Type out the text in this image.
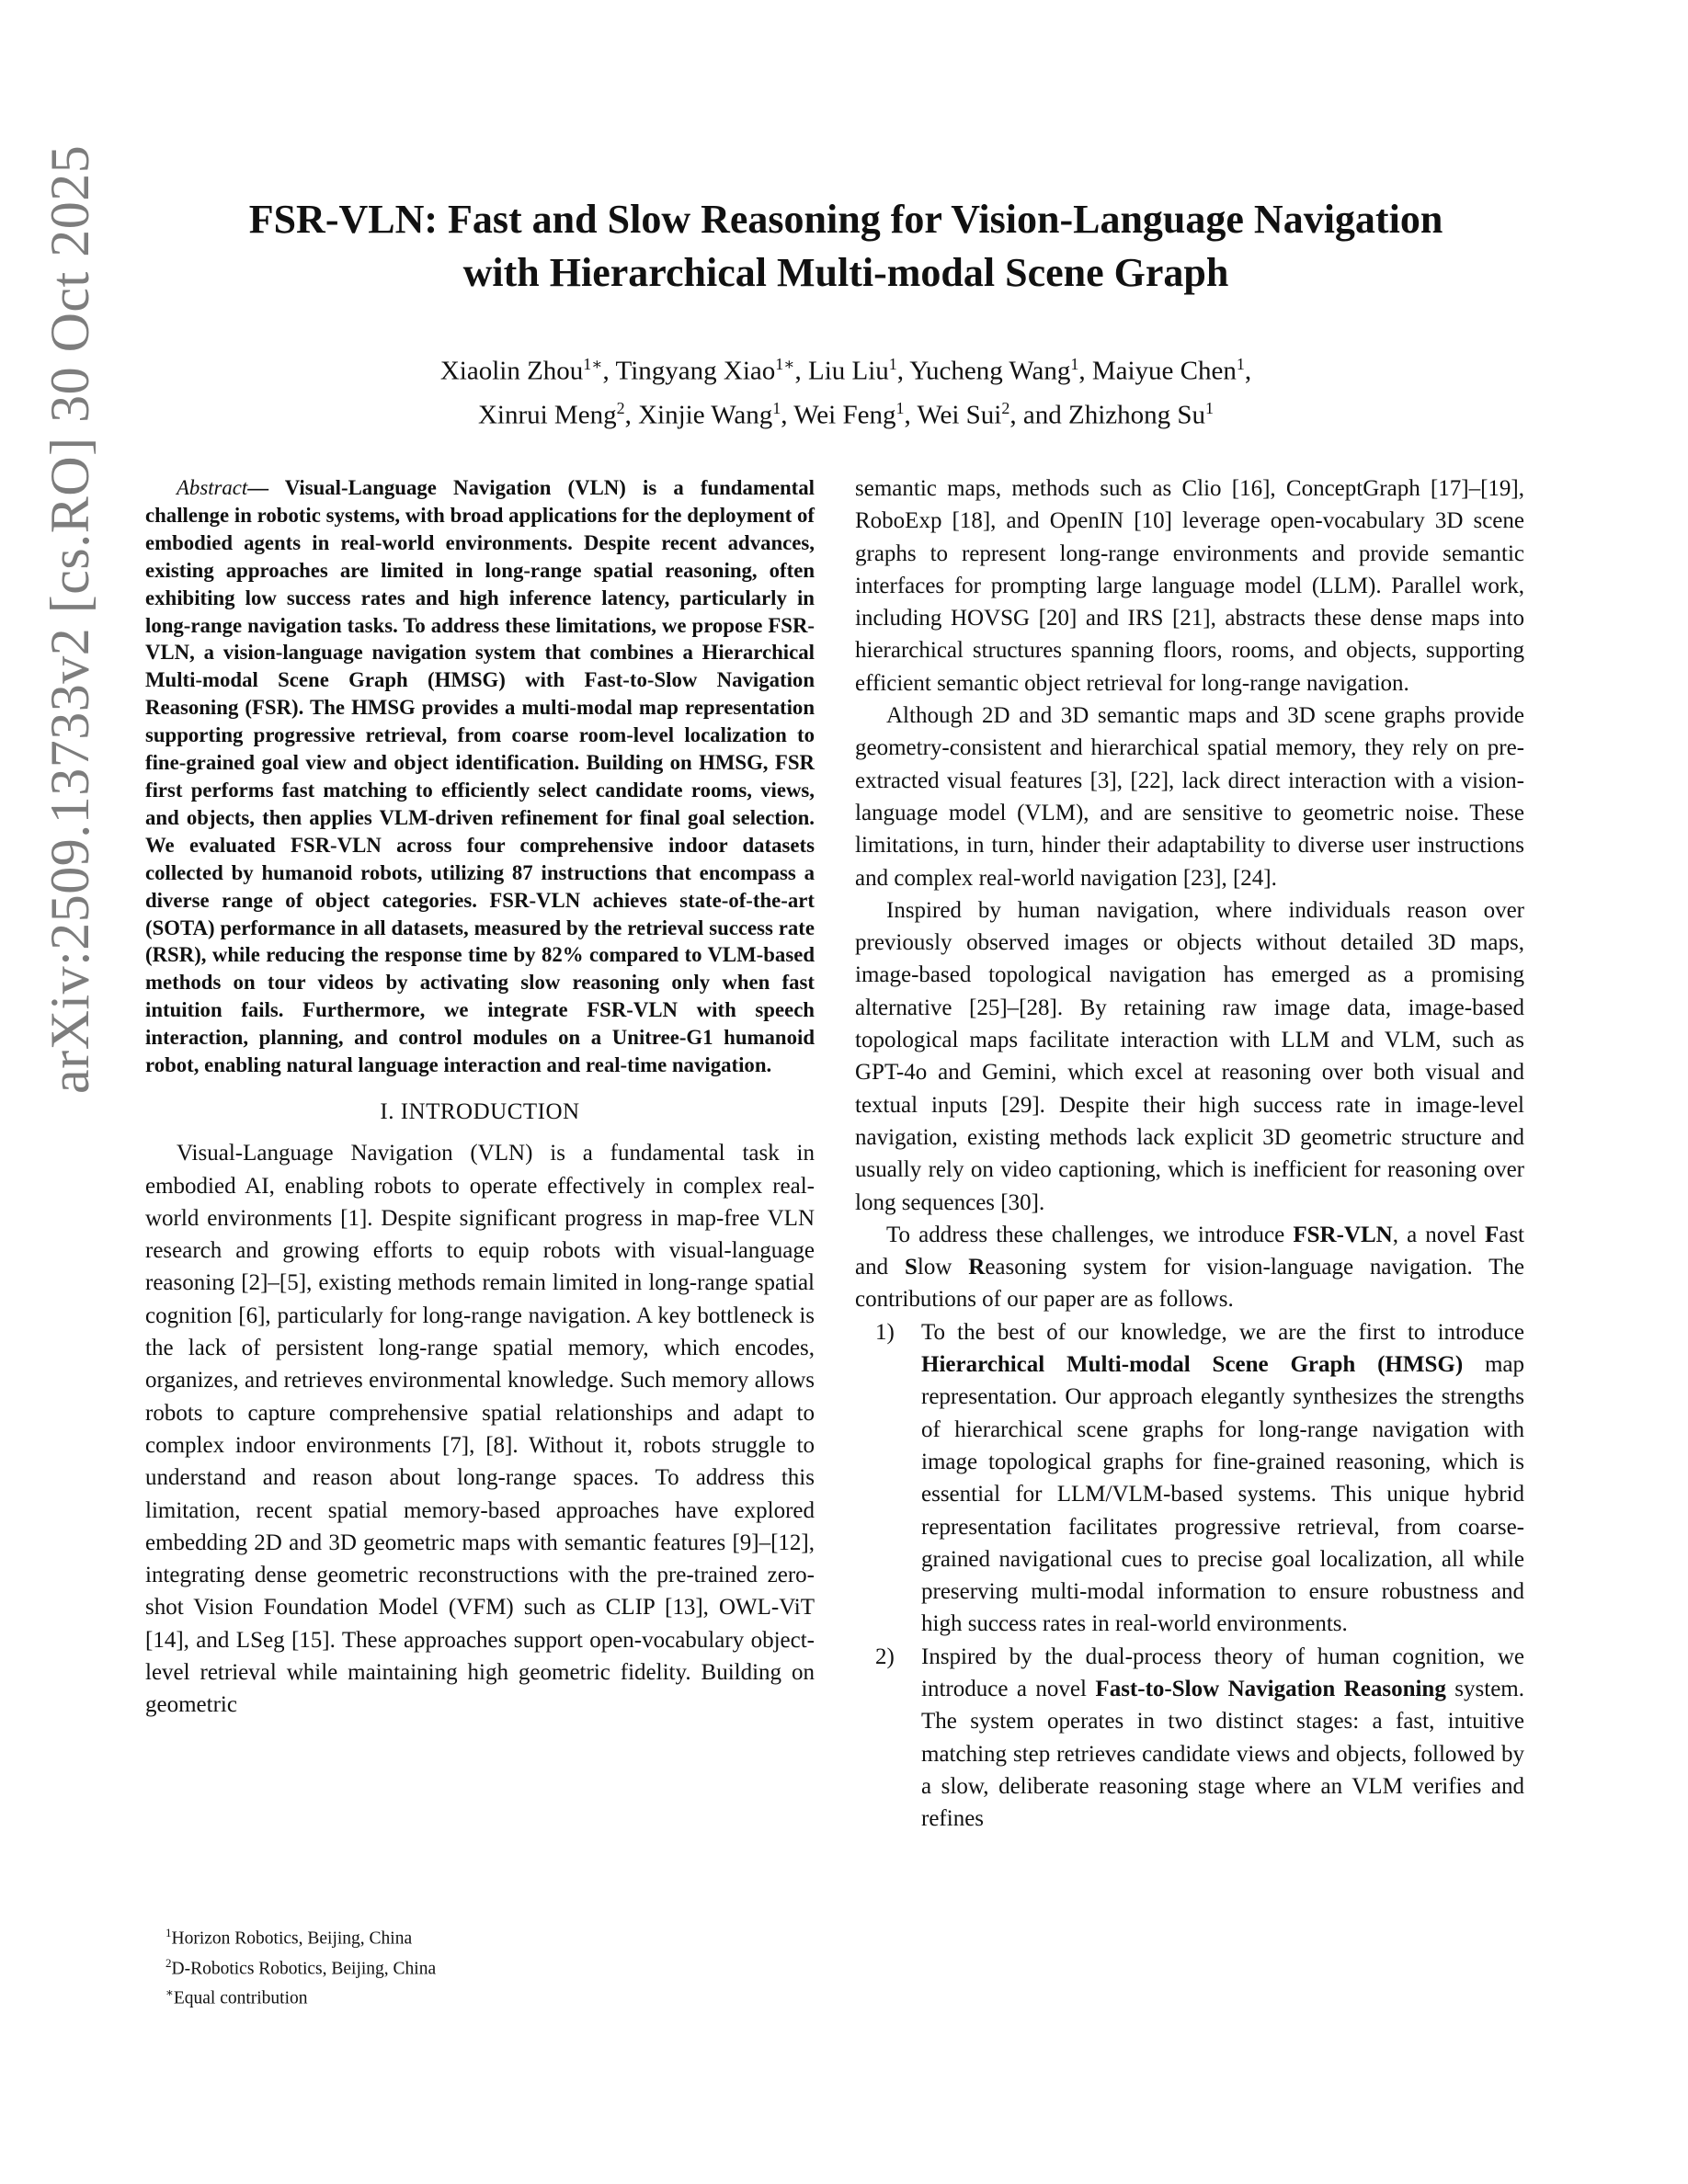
arXiv:2509.13733v2 [cs.RO] 30 Oct 2025	FSR-VLN: Fast and Slow Reasoning for Vision-Language Navigation
with Hierarchical Multi-modal Scene Graph
Xiaolin Zhou$^{1∗}$, Tingyang Xiao$^{1∗}$, Liu Liu$^1$, Yucheng Wang$^1$, Maiyue Chen$^1$,
Xinrui Meng$^2$, Xinjie Wang$^1$, Wei Feng$^1$, Wei Sui$^2$, and Zhizhong Su$^1$

Abstract— Visual-Language Navigation (VLN) is a fundamental challenge in robotic systems, with broad applications for the deployment of embodied agents in real-world environments. Despite recent advances, existing approaches are limited in long-range spatial reasoning, often exhibiting low success rates and high inference latency, particularly in long-range navigation tasks. To address these limitations, we propose FSR-VLN, a vision-language navigation system that combines a Hierarchical Multi-modal Scene Graph (HMSG) with Fast-to-Slow Navigation Reasoning (FSR). The HMSG provides a multi-modal map representation supporting progressive retrieval, from coarse room-level localization to fine-grained goal view and object identification. Building on HMSG, FSR first performs fast matching to efficiently select candidate rooms, views, and objects, then applies VLM-driven refinement for final goal selection. We evaluated FSR-VLN across four comprehensive indoor datasets collected by humanoid robots, utilizing 87 instructions that encompass a diverse range of object categories. FSR-VLN achieves state-of-the-art (SOTA) performance in all datasets, measured by the retrieval success rate (RSR), while reducing the response time by 82% compared to VLM-based methods on tour videos by activating slow reasoning only when fast intuition fails. Furthermore, we integrate FSR-VLN with speech interaction, planning, and control modules on a Unitree-G1 humanoid robot, enabling natural language interaction and real-time navigation.

I. INTRODUCTION

Visual-Language Navigation (VLN) is a fundamental task in embodied AI, enabling robots to operate effectively in complex real-world environments [1]. Despite significant progress in map-free VLN research and growing efforts to equip robots with visual-language reasoning [2]–[5], existing methods remain limited in long-range spatial cognition [6], particularly for long-range navigation. A key bottleneck is the lack of persistent long-range spatial memory, which encodes, organizes, and retrieves environmental knowledge. Such memory allows robots to capture comprehensive spatial relationships and adapt to complex indoor environments [7], [8]. Without it, robots struggle to understand and reason about long-range spaces. To address this limitation, recent spatial memory-based approaches have explored embedding 2D and 3D geometric maps with semantic features [9]–[12], integrating dense geometric reconstructions with the pre-trained zero-shot Vision Foundation Model (VFM) such as CLIP [13], OWL-ViT [14], and LSeg [15]. These approaches support open-vocabulary object-level retrieval while maintaining high geometric fidelity. Building on geometric

semantic maps, methods such as Clio [16], ConceptGraph [17]–[19], RoboExp [18], and OpenIN [10] leverage open-vocabulary 3D scene graphs to represent long-range environments and provide semantic interfaces for prompting large language model (LLM). Parallel work, including HOVSG [20] and IRS [21], abstracts these dense maps into hierarchical structures spanning floors, rooms, and objects, supporting efficient semantic object retrieval for long-range navigation.

Although 2D and 3D semantic maps and 3D scene graphs provide geometry-consistent and hierarchical spatial memory, they rely on pre-extracted visual features [3], [22], lack direct interaction with a vision-language model (VLM), and are sensitive to geometric noise. These limitations, in turn, hinder their adaptability to diverse user instructions and complex real-world navigation [23], [24].

Inspired by human navigation, where individuals reason over previously observed images or objects without detailed 3D maps, image-based topological navigation has emerged as a promising alternative [25]–[28]. By retaining raw image data, image-based topological maps facilitate interaction with LLM and VLM, such as GPT-4o and Gemini, which excel at reasoning over both visual and textual inputs [29]. Despite their high success rate in image-level navigation, existing methods lack explicit 3D geometric structure and usually rely on video captioning, which is inefficient for reasoning over long sequences [30].

To address these challenges, we introduce FSR-VLN, a novel Fast and Slow Reasoning system for vision-language navigation. The contributions of our paper are as follows.

1) To the best of our knowledge, we are the first to introduce Hierarchical Multi-modal Scene Graph (HMSG) map representation. Our approach elegantly synthesizes the strengths of hierarchical scene graphs for long-range navigation with image topological graphs for fine-grained reasoning, which is essential for LLM/VLM-based systems. This unique hybrid representation facilitates progressive retrieval, from coarse-grained navigational cues to precise goal localization, all while preserving multi-modal information to ensure robustness and high success rates in real-world environments.
2) Inspired by the dual-process theory of human cognition, we introduce a novel Fast-to-Slow Navigation Reasoning system. The system operates in two distinct stages: a fast, intuitive matching step retrieves candidate views and objects, followed by a slow, deliberate reasoning stage where an VLM verifies and refines
$^1$Horizon Robotics, Beijing, China
$^2$D-Robotics Robotics, Beijing, China
∗Equal contribution
